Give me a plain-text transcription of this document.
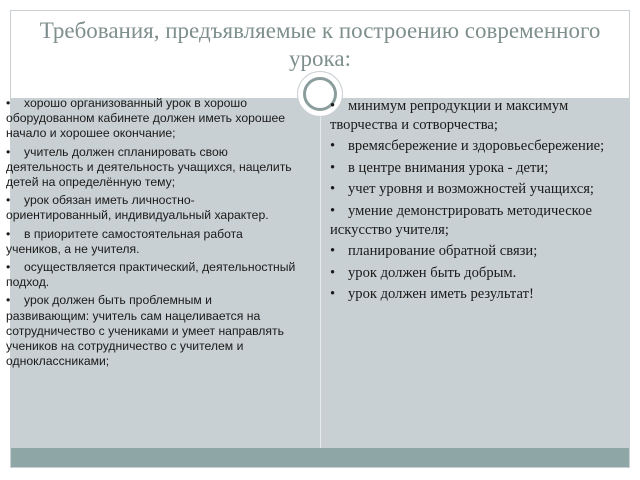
Требования, предъявляемые к построению современного урока:
• хорошо организованный урок в хорошо оборудованном кабинете должен иметь хорошее начало и хорошее окончание;
• учитель должен спланировать свою деятельность и деятельность учащихся, нацелить детей на определённую тему;
• урок обязан иметь личностно-ориентированный, индивидуальный характер.
• в приоритете самостоятельная работа учеников, а не учителя.
• осуществляется практический, деятельностный подход.
• урок должен быть проблемным и развивающим: учитель сам нацеливается на сотрудничество с учениками и умеет направлять учеников на сотрудничество с учителем и одноклассниками;
• минимум репродукции и максимум творчества и сотворчества;
• времясбережение и здоровьесбережение;
• в центре внимания урока - дети;
• учет уровня и возможностей учащихся;
• умение демонстрировать методическое искусство учителя;
• планирование обратной связи;
• урок должен быть добрым.
• урок должен иметь результат!
